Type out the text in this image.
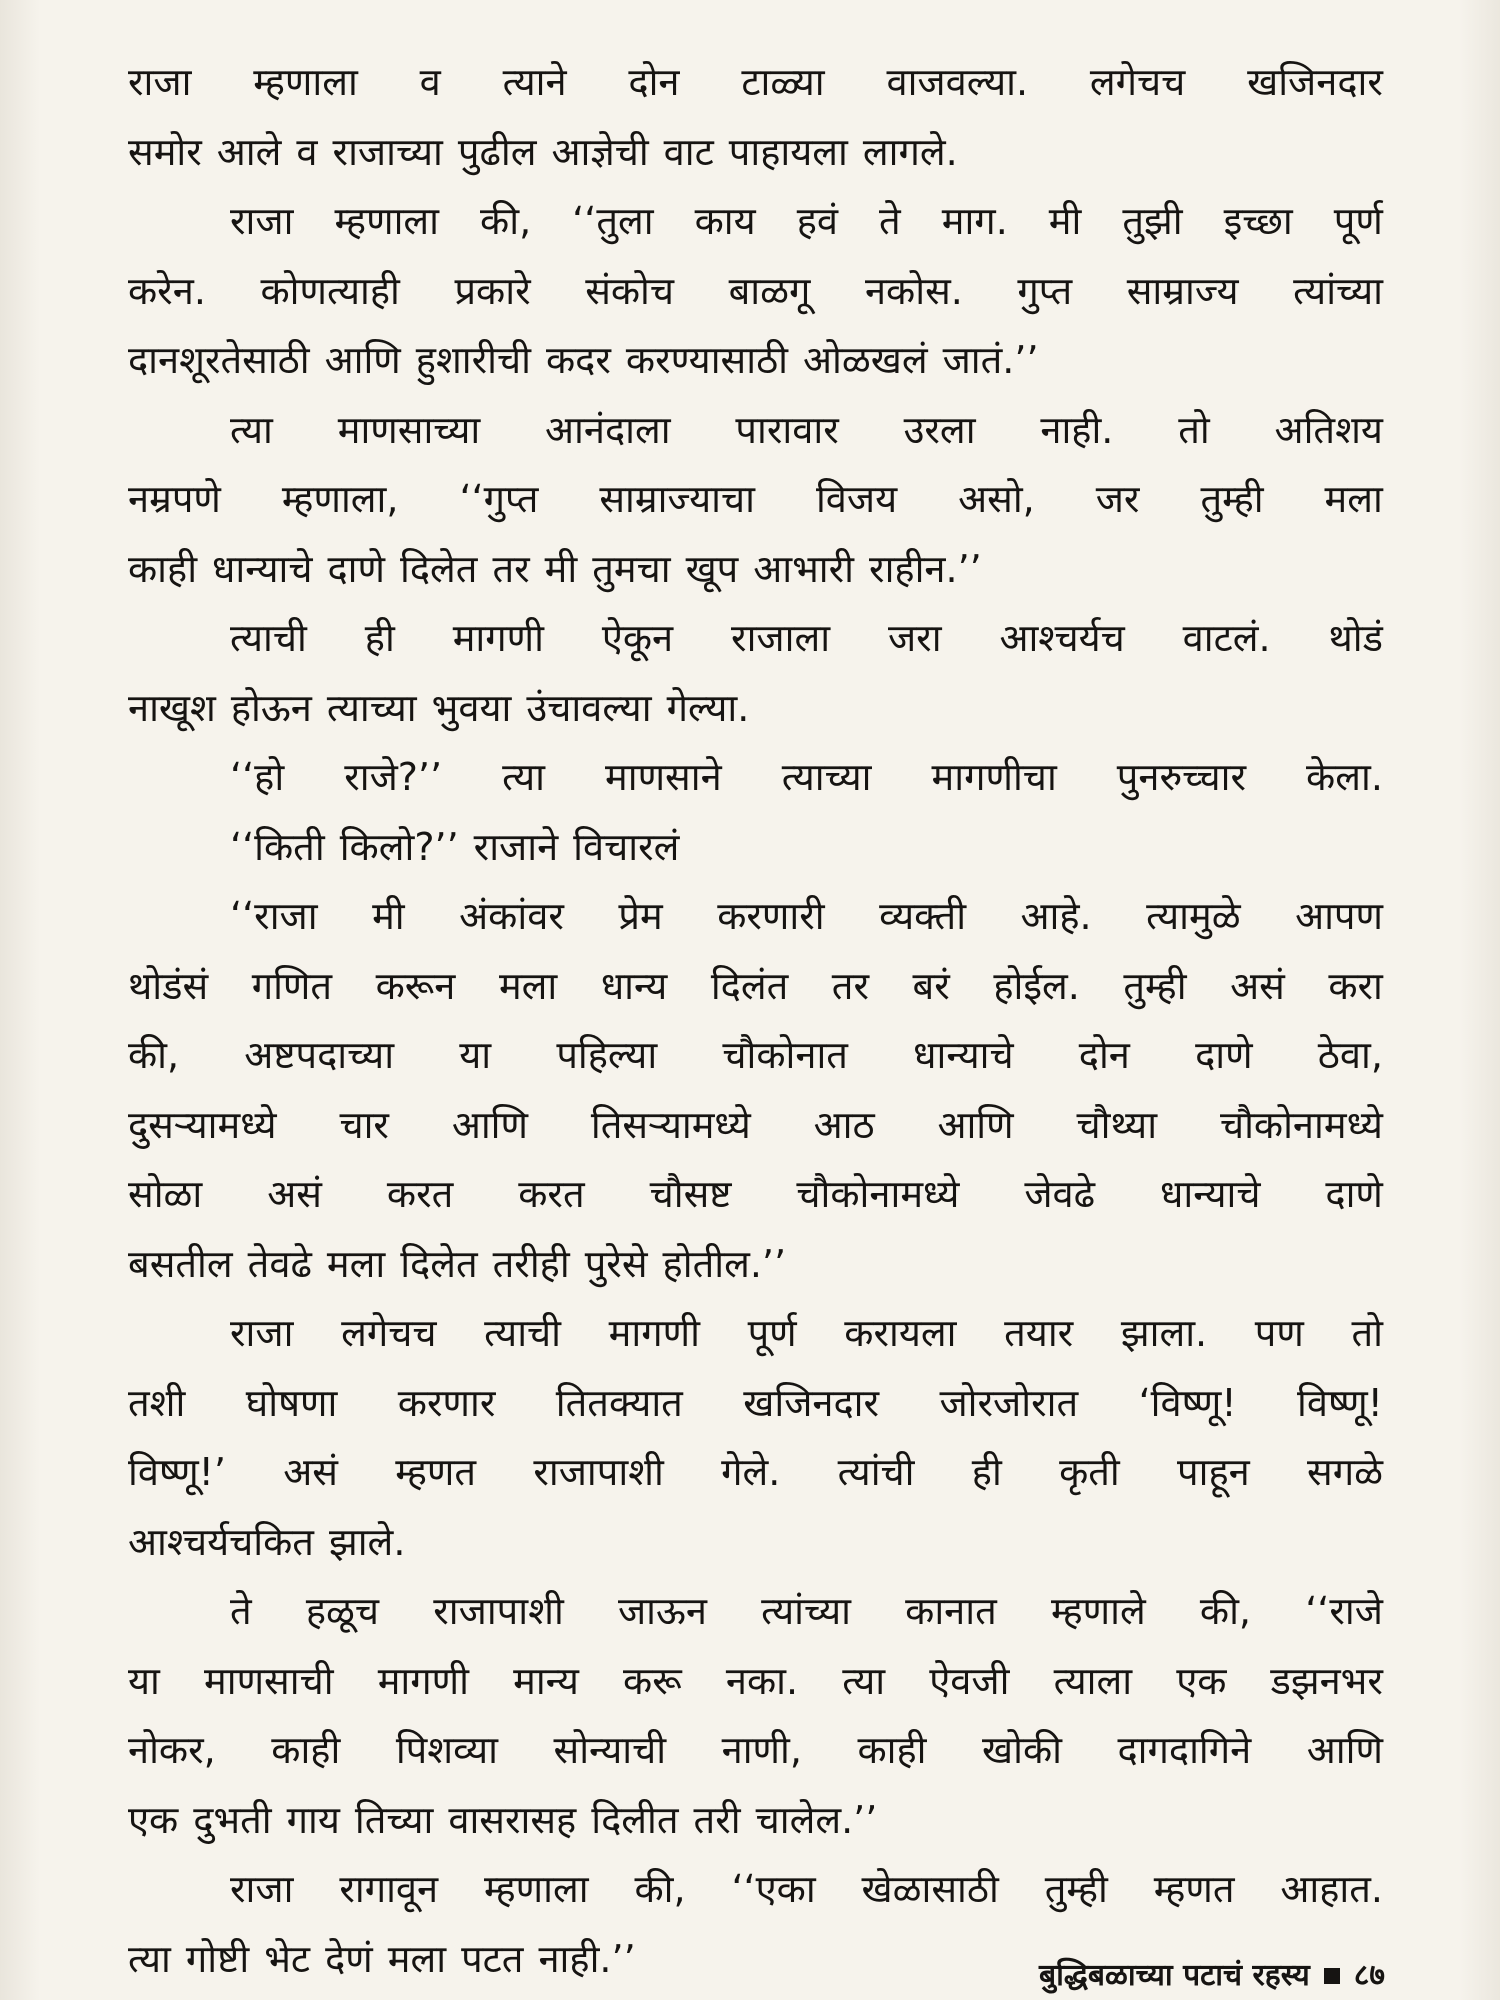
राजा म्हणाला व त्याने दोन टाळ्या वाजवल्या. लगेचच खजिनदार
समोर आले व राजाच्या पुढील आज्ञेची वाट पाहायला लागले.
राजा म्हणाला की, ‘‘तुला काय हवं ते माग. मी तुझी इच्छा पूर्ण
करेन. कोणत्याही प्रकारे संकोच बाळगू नकोस. गुप्त साम्राज्य त्यांच्या
दानशूरतेसाठी आणि हुशारीची कदर करण्यासाठी ओळखलं जातं.’’
त्या माणसाच्या आनंदाला पारावार उरला नाही. तो अतिशय
नम्रपणे म्हणाला, ‘‘गुप्त साम्राज्याचा विजय असो, जर तुम्ही मला
काही धान्याचे दाणे दिलेत तर मी तुमचा खूप आभारी राहीन.’’
त्याची ही मागणी ऐकून राजाला जरा आश्चर्यच वाटलं. थोडं
नाखूश होऊन त्याच्या भुवया उंचावल्या गेल्या.
‘‘हो राजे?’’ त्या माणसाने त्याच्या मागणीचा पुनरुच्चार केला.
‘‘किती किलो?’’ राजाने विचारलं
‘‘राजा मी अंकांवर प्रेम करणारी व्यक्ती आहे. त्यामुळे आपण
थोडंसं गणित करून मला धान्य दिलंत तर बरं होईल. तुम्ही असं करा
की, अष्टपदाच्या या पहिल्या चौकोनात धान्याचे दोन दाणे ठेवा,
दुसऱ्यामध्ये चार आणि तिसऱ्यामध्ये आठ आणि चौथ्या चौकोनामध्ये
सोळा असं करत करत चौसष्ट चौकोनामध्ये जेवढे धान्याचे दाणे
बसतील तेवढे मला दिलेत तरीही पुरेसे होतील.’’
राजा लगेचच त्याची मागणी पूर्ण करायला तयार झाला. पण तो
तशी घोषणा करणार तितक्यात खजिनदार जोरजोरात ‘विष्णू! विष्णू!
विष्णू!’ असं म्हणत राजापाशी गेले. त्यांची ही कृती पाहून सगळे
आश्चर्यचकित झाले.
ते हळूच राजापाशी जाऊन त्यांच्या कानात म्हणाले की, ‘‘राजे
या माणसाची मागणी मान्य करू नका. त्या ऐवजी त्याला एक डझनभर
नोकर, काही पिशव्या सोन्याची नाणी, काही खोकी दागदागिने आणि
एक दुभती गाय तिच्या वासरासह दिलीत तरी चालेल.’’
राजा रागावून म्हणाला की, ‘‘एका खेळासाठी तुम्ही म्हणत आहात.
त्या गोष्टी भेट देणं मला पटत नाही.’’	बुद्धिबळाच्या पटाचं रहस्य ८७
